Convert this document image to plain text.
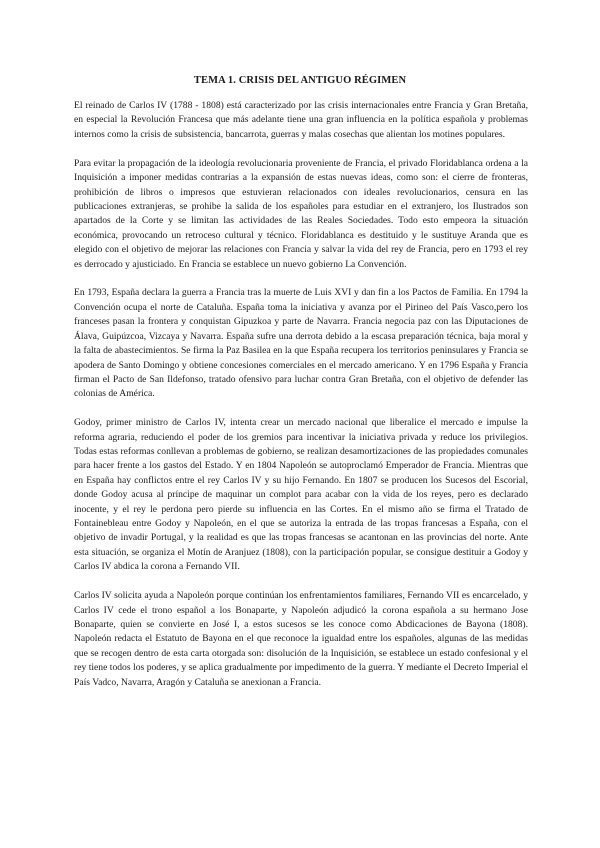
TEMA 1. CRISIS DEL ANTIGUO RÉGIMEN

El reinado de Carlos IV (1788 - 1808) está caracterizado por las crisis internacionales entre Francia y Gran Bretaña, en especial la Revolución Francesa que más adelante tiene una gran influencia en la política española y problemas internos como la crisis de subsistencia, bancarrota, guerras y malas cosechas que alientan los motines populares.

Para evitar la propagación de la ideología revolucionaria proveniente de Francia, el privado Floridablanca ordena a la Inquisición a imponer medidas contrarias a la expansión de estas nuevas ideas, como son: el cierre de fronteras, prohibición de libros o impresos que estuvieran relacionados con ideales revolucionarios, censura en las publicaciones extranjeras, se prohibe la salida de los españoles para estudiar en el extranjero, los Ilustrados son apartados de la Corte y se limitan las actividades de las Reales Sociedades. Todo esto empeora la situación económica, provocando un retroceso cultural y técnico. Floridablanca es destituido y le sustituye Aranda que es elegido con el objetivo de mejorar las relaciones con Francia y salvar la vida del rey de Francia, pero en 1793 el rey es derrocado y ajusticiado. En Francia se establece un nuevo gobierno La Convención.

En 1793, España declara la guerra a Francia tras la muerte de Luis XVI y dan fin a los Pactos de Familia. En 1794 la Convención ocupa el norte de Cataluña. España toma la iniciativa y avanza por el Pirineo del País Vasco,pero los franceses pasan la frontera y conquistan Gipuzkoa y parte de Navarra. Francia negocia paz con las Diputaciones de Álava, Guipúzcoa, Vizcaya y Navarra. España sufre una derrota debido a la escasa preparación técnica, baja moral y la falta de abastecimientos. Se firma la Paz Basilea en la que España recupera los territorios peninsulares y Francia se apodera de Santo Domingo y obtiene concesiones comerciales en el mercado americano. Y en 1796 España y Francia firman el Pacto de San Ildefonso, tratado ofensivo para luchar contra Gran Bretaña, con el objetivo de defender las colonias de América.

Godoy, primer ministro de Carlos IV, intenta crear un mercado nacional que liberalice el mercado e impulse la reforma agraria, reduciendo el poder de los gremios para incentivar la iniciativa privada y reduce los privilegios. Todas estas reformas conllevan a problemas de gobierno, se realizan desamortizaciones de las propiedades comunales para hacer frente a los gastos del Estado. Y en 1804 Napoleón se autoproclamó Emperador de Francia. Mientras que en España hay conflictos entre el rey Carlos IV y su hijo Fernando. En 1807 se producen los Sucesos del Escorial, donde Godoy acusa al príncipe de maquinar un complot para acabar con la vida de los reyes, pero es declarado inocente, y el rey le perdona pero pierde su influencia en las Cortes. En el mismo año se firma el Tratado de Fontainebleau entre Godoy y Napoleón, en el que se autoriza la entrada de las tropas francesas a España, con el objetivo de invadir Portugal, y la realidad es que las tropas francesas se acantonan en las provincias del norte. Ante esta situación, se organiza el Motín de Aranjuez (1808), con la participación popular, se consigue destituir a Godoy y Carlos IV abdica la corona a Fernando VII.

Carlos IV solicita ayuda a Napoleón porque continúan los enfrentamientos familiares, Fernando VII es encarcelado, y Carlos IV cede el trono español a los Bonaparte, y Napoleón adjudicó la corona española a su hermano Jose Bonaparte, quien se convierte en José I, a estos sucesos se les conoce como Abdicaciones de Bayona (1808). Napoleón redacta el Estatuto de Bayona en el que reconoce la igualdad entre los españoles, algunas de las medidas que se recogen dentro de esta carta otorgada son: disolución de la Inquisición, se establece un estado confesional y el rey tiene todos los poderes, y se aplica gradualmente por impedimento de la guerra. Y mediante el Decreto Imperial el País Vadco, Navarra, Aragón y Cataluña se anexionan a Francia.
